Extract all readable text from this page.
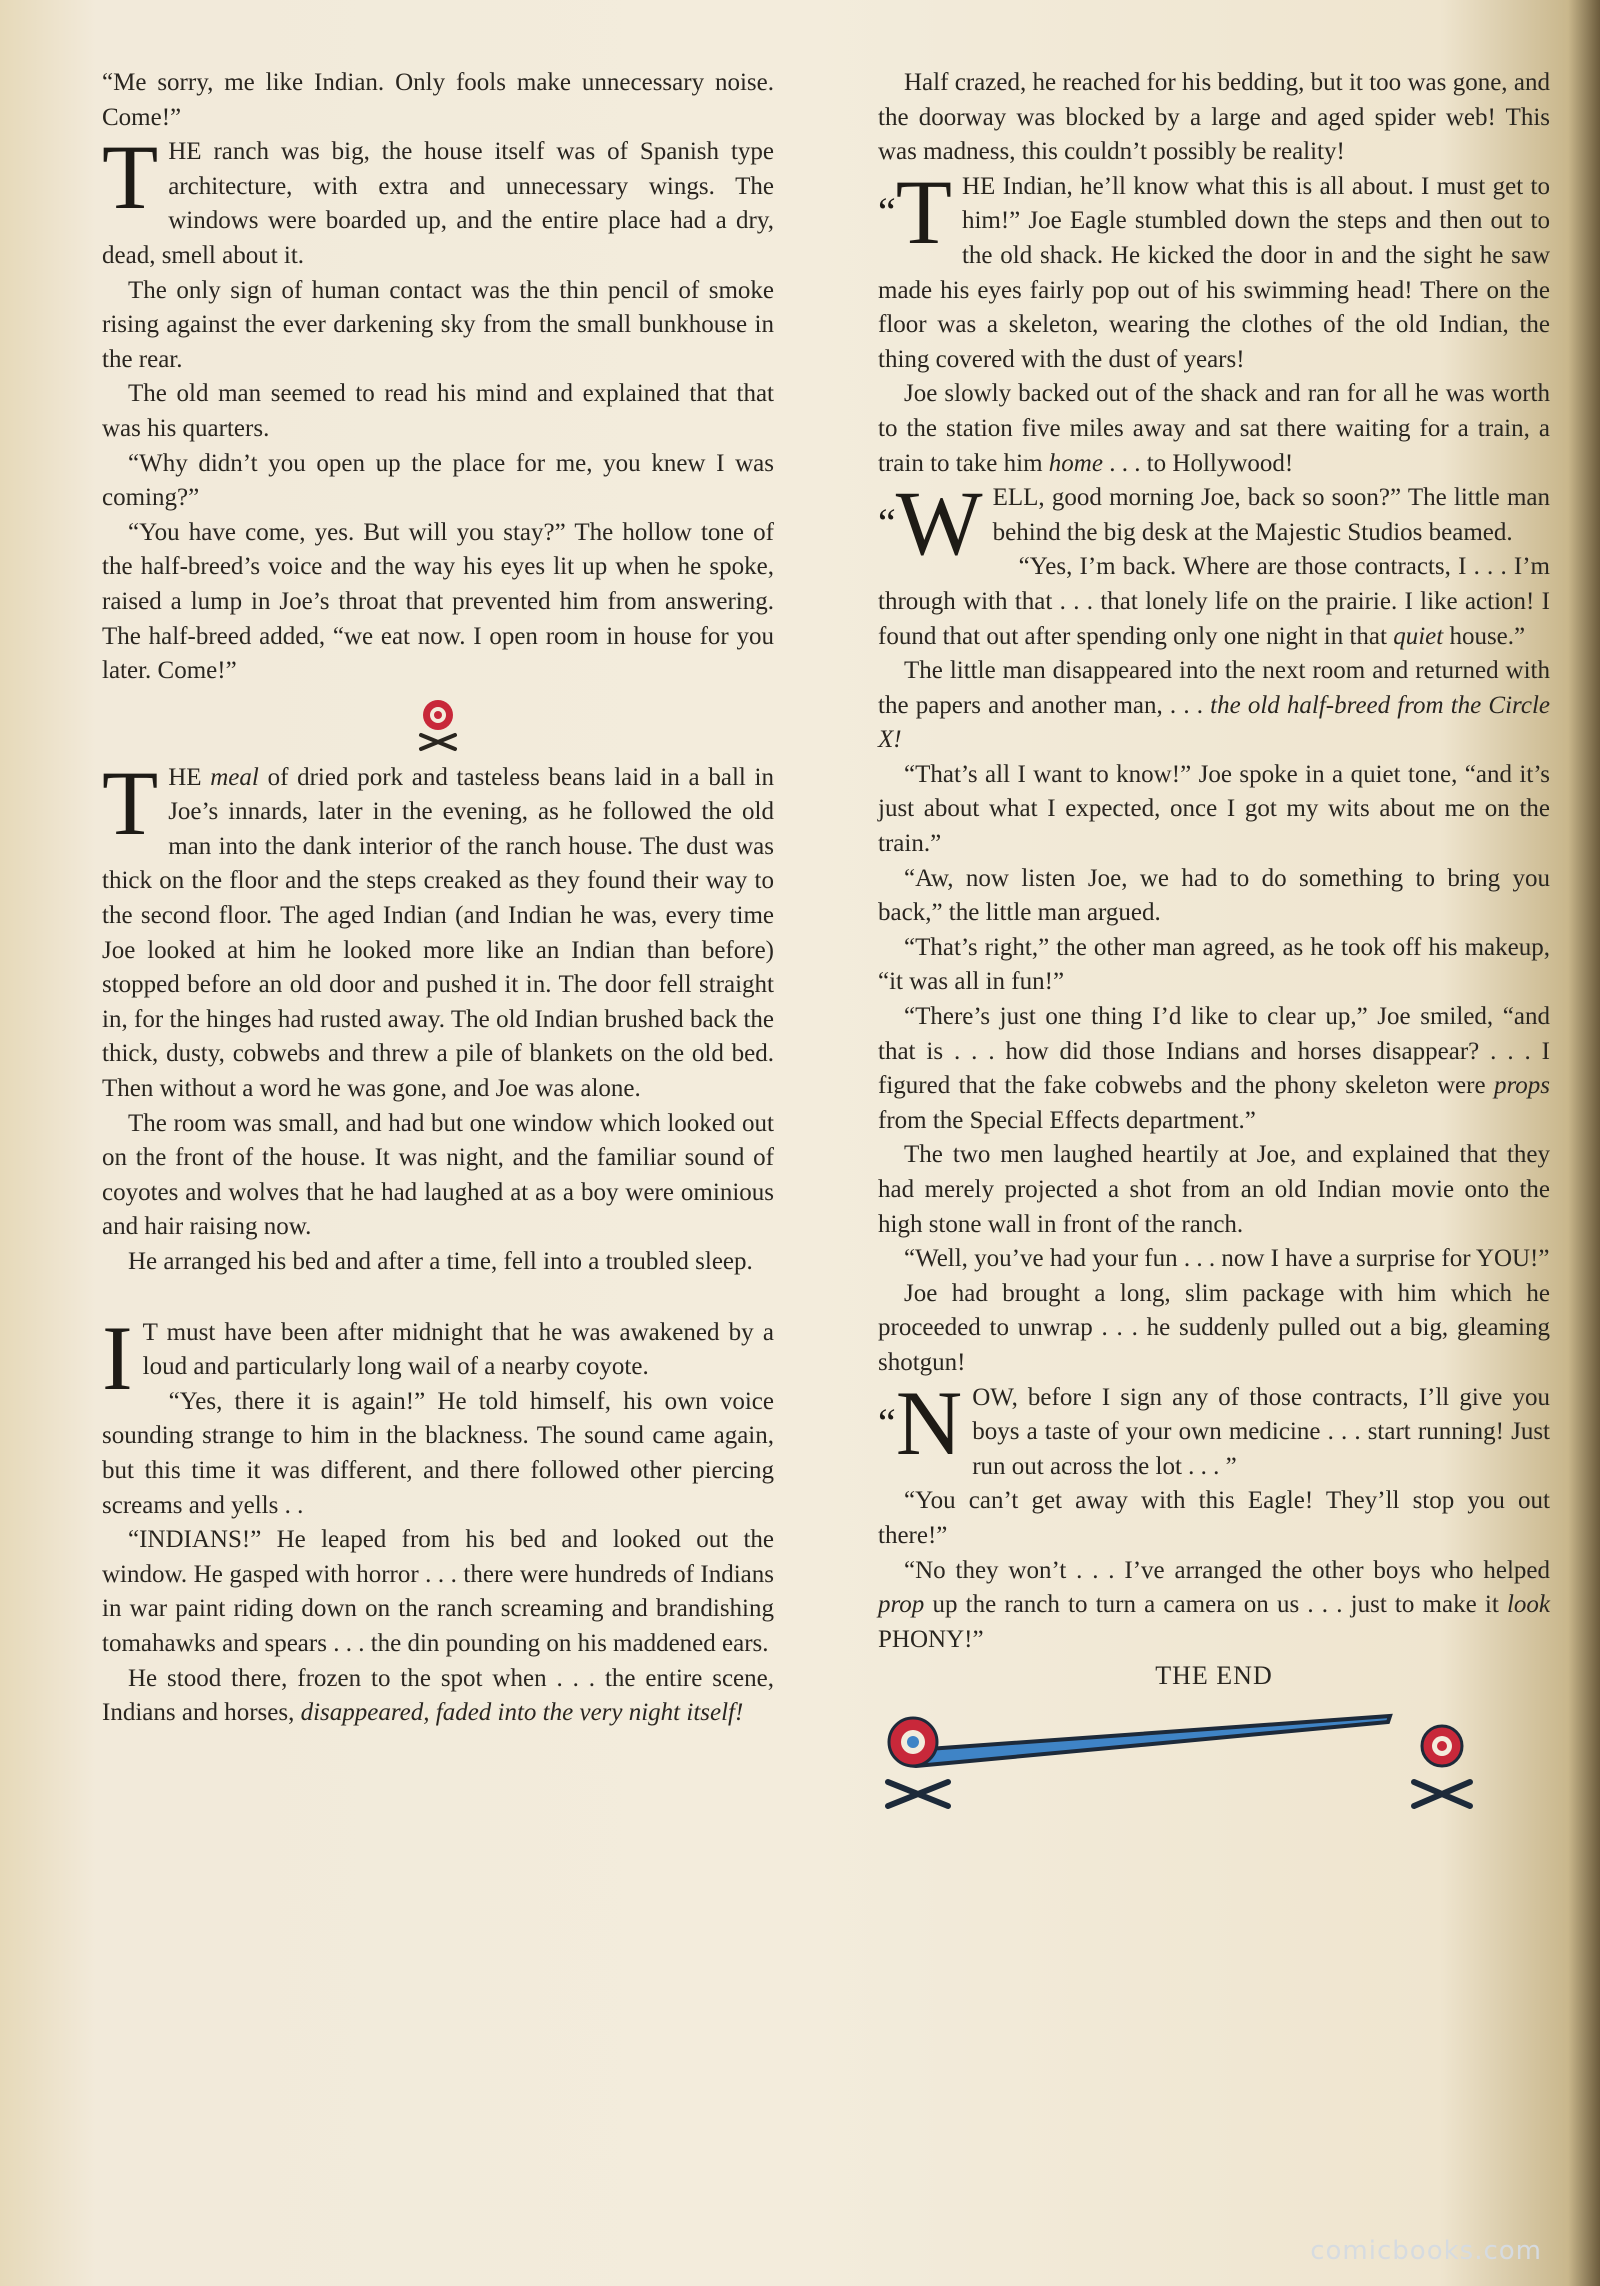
“Me sorry, me like Indian. Only fools make unnecessary noise. Come!”

THE ranch was big, the house itself was of Spanish type architecture, with extra and unnecessary wings. The windows were boarded up, and the entire place had a dry, dead, smell about it.

The only sign of human contact was the thin pencil of smoke rising against the ever darkening sky from the small bunkhouse in the rear.

The old man seemed to read his mind and explained that that was his quarters.

“Why didn’t you open up the place for me, you knew I was coming?”

“You have come, yes. But will you stay?” The hollow tone of the half-breed’s voice and the way his eyes lit up when he spoke, raised a lump in Joe’s throat that prevented him from answering. The half-breed added, “we eat now. I open room in house for you later. Come!”

THE meal of dried pork and tasteless beans laid in a ball in Joe’s innards, later in the evening, as he followed the old man into the dank interior of the ranch house. The dust was thick on the floor and the steps creaked as they found their way to the second floor. The aged Indian (and Indian he was, every time Joe looked at him he looked more like an Indian than before) stopped before an old door and pushed it in. The door fell straight in, for the hinges had rusted away. The old Indian brushed back the thick, dusty, cobwebs and threw a pile of blankets on the old bed. Then without a word he was gone, and Joe was alone.

The room was small, and had but one window which looked out on the front of the house. It was night, and the familiar sound of coyotes and wolves that he had laughed at as a boy were ominious and hair raising now.

He arranged his bed and after a time, fell into a troubled sleep.

I T must have been after midnight that he was awakened by a loud and particularly long wail of a nearby coyote.

“Yes, there it is again!” He told himself, his own voice sounding strange to him in the blackness. The sound came again, but this time it was different, and there followed other piercing screams and yells . .

“INDIANS!” He leaped from his bed and looked out the window. He gasped with horror . . . there were hundreds of Indians in war paint riding down on the ranch screaming and brandishing tomahawks and spears . . . the din pounding on his maddened ears.

He stood there, frozen to the spot when . . . the entire scene, Indians and horses, disappeared, faded into the very night itself!

Half crazed, he reached for his bedding, but it too was gone, and the doorway was blocked by a large and aged spider web! This was madness, this couldn’t possibly be reality!

“T HE Indian, he’ll know what this is all about. I must get to him!” Joe Eagle stumbled down the steps and then out to the old shack. He kicked the door in and the sight he saw made his eyes fairly pop out of his swimming head! There on the floor was a skeleton, wearing the clothes of the old Indian, the thing covered with the dust of years!

Joe slowly backed out of the shack and ran for all he was worth to the station five miles away and sat there waiting for a train, a train to take him home . . . to Hollywood!

“W ELL, good morning Joe, back so soon?” The little man behind the big desk at the Majestic Studios beamed.

“Yes, I’m back. Where are those contracts, I . . . I’m through with that . . . that lonely life on the prairie. I like action! I found that out after spending only one night in that quiet house.”

The little man disappeared into the next room and returned with the papers and another man, . . . the old half-breed from the Circle X!

“That’s all I want to know!” Joe spoke in a quiet tone, “and it’s just about what I expected, once I got my wits about me on the train.”

“Aw, now listen Joe, we had to do something to bring you back,” the little man argued.

“That’s right,” the other man agreed, as he took off his makeup, “it was all in fun!”

“There’s just one thing I’d like to clear up,” Joe smiled, “and that is . . . how did those Indians and horses disappear? . . . I figured that the fake cobwebs and the phony skeleton were props from the Special Effects department.”

The two men laughed heartily at Joe, and explained that they had merely projected a shot from an old Indian movie onto the high stone wall in front of the ranch.

“Well, you’ve had your fun . . . now I have a surprise for YOU!”

Joe had brought a long, slim package with him which he proceeded to unwrap . . . he suddenly pulled out a big, gleaming shotgun!

“N OW, before I sign any of those contracts, I’ll give you boys a taste of your own medicine . . . start running! Just run out across the lot . . . ”

“You can’t get away with this Eagle! They’ll stop you out there!”

“No they won’t . . . I’ve arranged the other boys who helped prop up the ranch to turn a camera on us . . . just to make it look PHONY!”

THE END
comicbooks.com
